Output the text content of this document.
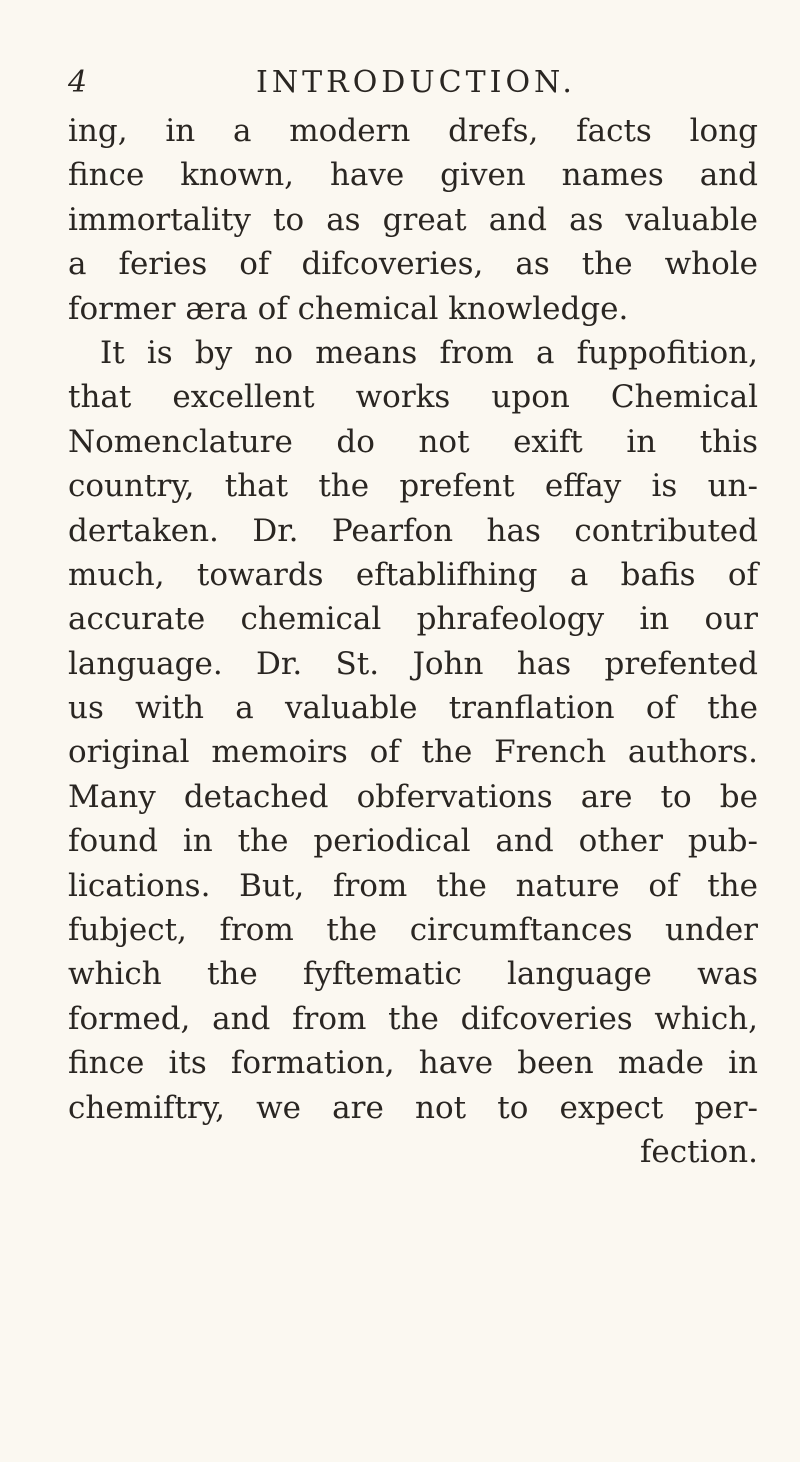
4	INTRODUCTION.
ing, in a modern drefs, facts long
fince known, have given names and
immortality to as great and as valuable
a feries of difcoveries, as the whole
former æra of chemical knowledge.
It is by no means from a fuppofition,
that excellent works upon Chemical
Nomenclature do not exift in this
country, that the prefent effay is un-
dertaken. Dr. Pearfon has contributed
much, towards eftablifhing a bafis of
accurate chemical phrafeology in our
language. Dr. St. John has prefented
us with a valuable tranflation of the
original memoirs of the French authors.
Many detached obfervations are to be
found in the periodical and other pub-
lications. But, from the nature of the
fubject, from the circumftances under
which the fyftematic language was
formed, and from the difcoveries which,
fince its formation, have been made in
chemiftry, we are not to expect per-
fection.
